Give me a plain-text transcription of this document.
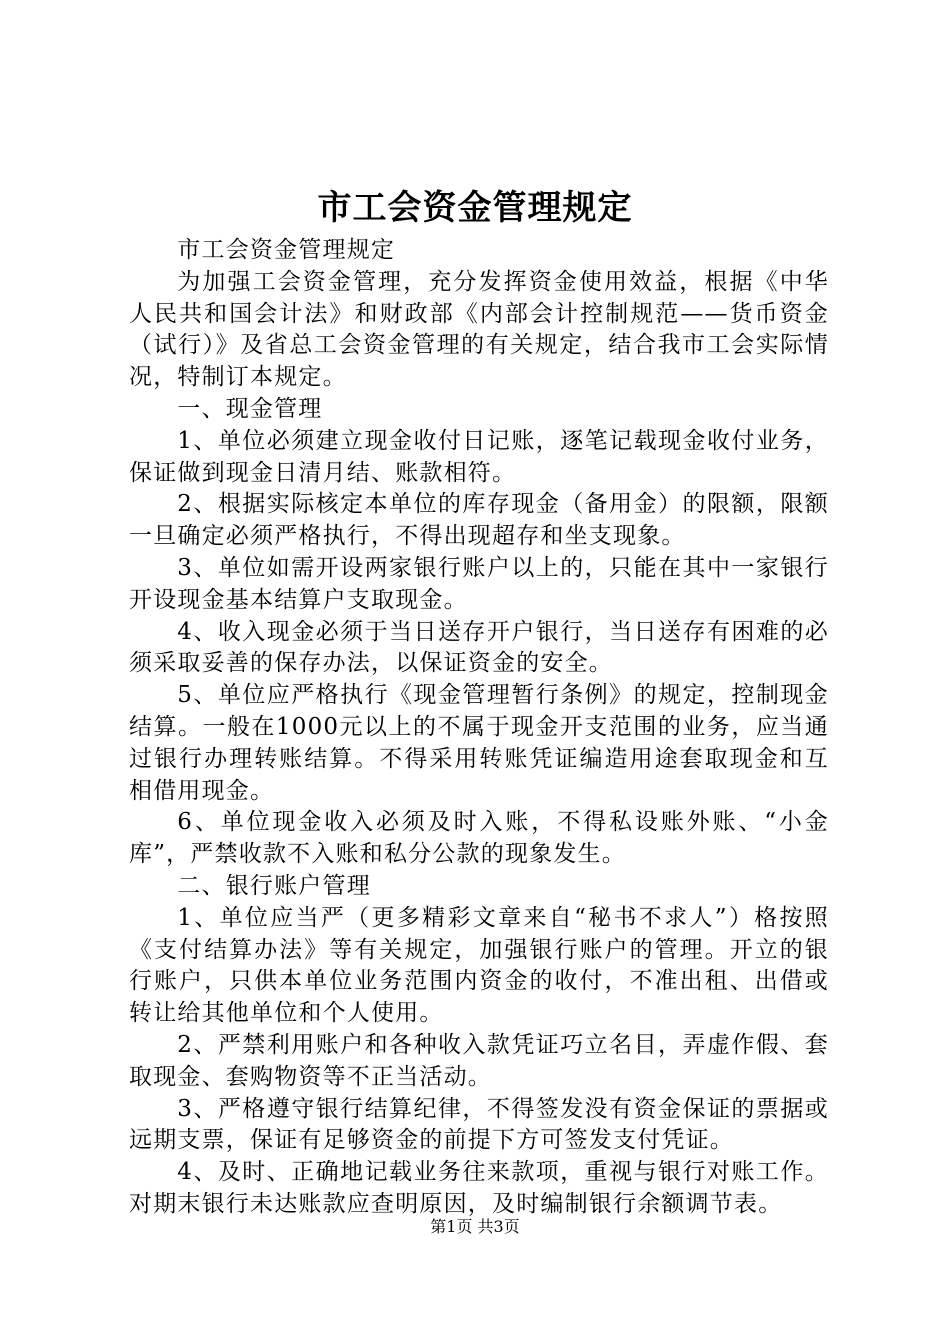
市工会资金管理规定

市工会资金管理规定

为加强工会资金管理，充分发挥资金使用效益，根据《中华人民共和国会计法》和财政部《内部会计控制规范——货币资金（试行）》及省总工会资金管理的有关规定，结合我市工会实际情况，特制订本规定。

一、现金管理

1、单位必须建立现金收付日记账，逐笔记载现金收付业务，保证做到现金日清月结、账款相符。

2、根据实际核定本单位的库存现金（备用金）的限额，限额一旦确定必须严格执行，不得出现超存和坐支现象。

3、单位如需开设两家银行账户以上的，只能在其中一家银行开设现金基本结算户支取现金。

4、收入现金必须于当日送存开户银行，当日送存有困难的必须采取妥善的保存办法，以保证资金的安全。

5、单位应严格执行《现金管理暂行条例》的规定，控制现金结算。一般在1000元以上的不属于现金开支范围的业务，应当通过银行办理转账结算。不得采用转账凭证编造用途套取现金和互相借用现金。

6、单位现金收入必须及时入账，不得私设账外账、“小金库”，严禁收款不入账和私分公款的现象发生。

二、银行账户管理

1、单位应当严（更多精彩文章来自“秘书不求人”）格按照《支付结算办法》等有关规定，加强银行账户的管理。开立的银行账户，只供本单位业务范围内资金的收付，不准出租、出借或转让给其他单位和个人使用。

2、严禁利用账户和各种收入款凭证巧立名目，弄虚作假、套取现金、套购物资等不正当活动。

3、严格遵守银行结算纪律，不得签发没有资金保证的票据或远期支票，保证有足够资金的前提下方可签发支付凭证。

4、及时、正确地记载业务往来款项，重视与银行对账工作。对期末银行未达账款应查明原因，及时编制银行余额调节表。

第1页 共3页
